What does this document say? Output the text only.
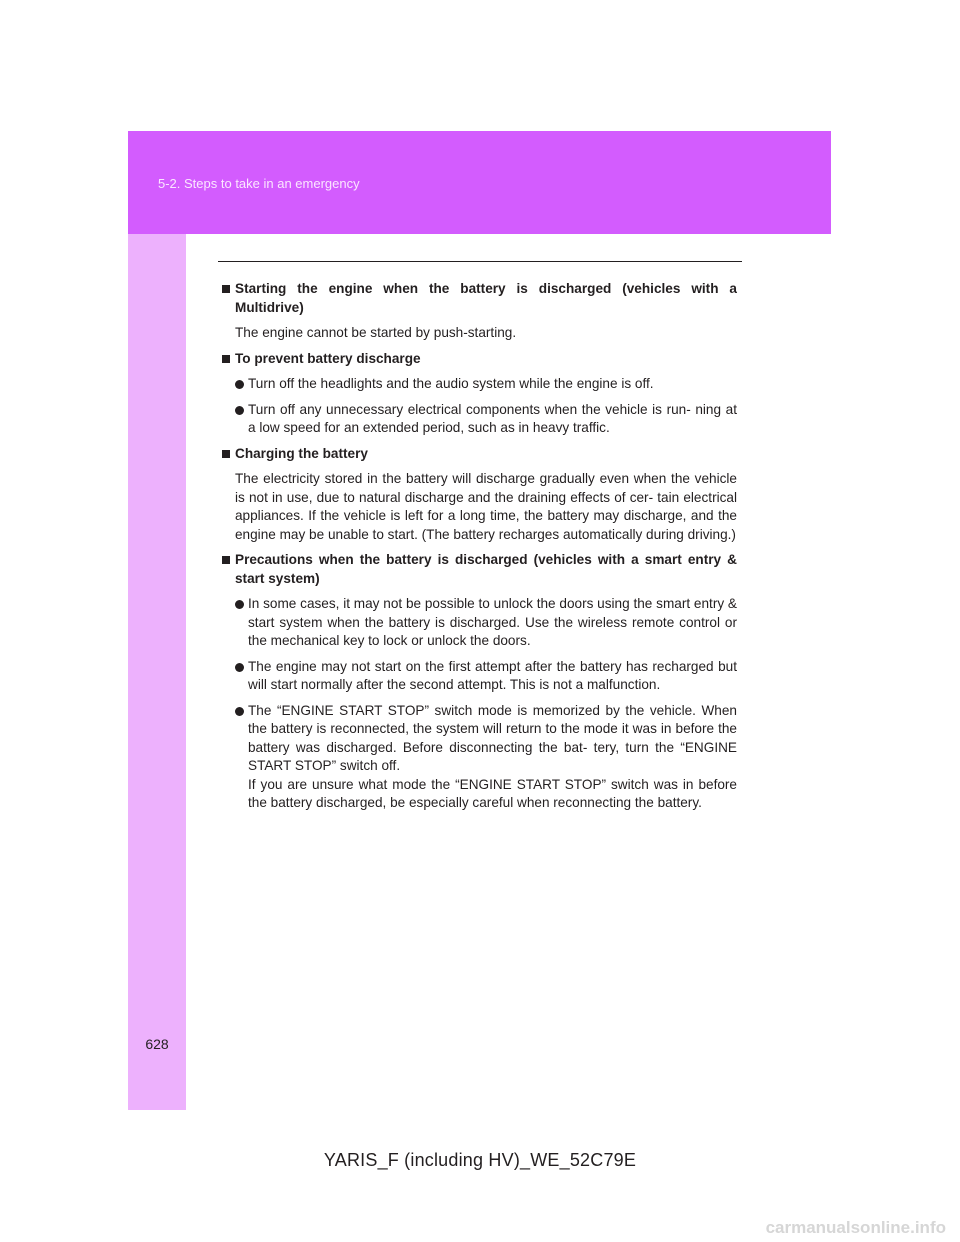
5-2. Steps to take in an emergency
628
Starting the engine when the battery is discharged (vehicles with a Multidrive)
The engine cannot be started by push-starting.
To prevent battery discharge
Turn off the headlights and the audio system while the engine is off.
Turn off any unnecessary electrical components when the vehicle is run- ning at a low speed for an extended period, such as in heavy traffic.
Charging the battery
The electricity stored in the battery will discharge gradually even when the vehicle is not in use, due to natural discharge and the draining effects of cer- tain electrical appliances. If the vehicle is left for a long time, the battery may discharge, and the engine may be unable to start. (The battery recharges automatically during driving.)
Precautions when the battery is discharged (vehicles with a smart entry & start system)
In some cases, it may not be possible to unlock the doors using the smart entry & start system when the battery is discharged. Use the wireless remote control or the mechanical key to lock or unlock the doors.
The engine may not start on the first attempt after the battery has recharged but will start normally after the second attempt. This is not a malfunction.
The “ENGINE START STOP” switch mode is memorized by the vehicle. When the battery is reconnected, the system will return to the mode it was in before the battery was discharged. Before disconnecting the bat- tery, turn the “ENGINE START STOP” switch off.
If you are unsure what mode the “ENGINE START STOP” switch was in before the battery discharged, be especially careful when reconnecting the battery.
YARIS_F (including HV)_WE_52C79E
carmanualsonline.info
